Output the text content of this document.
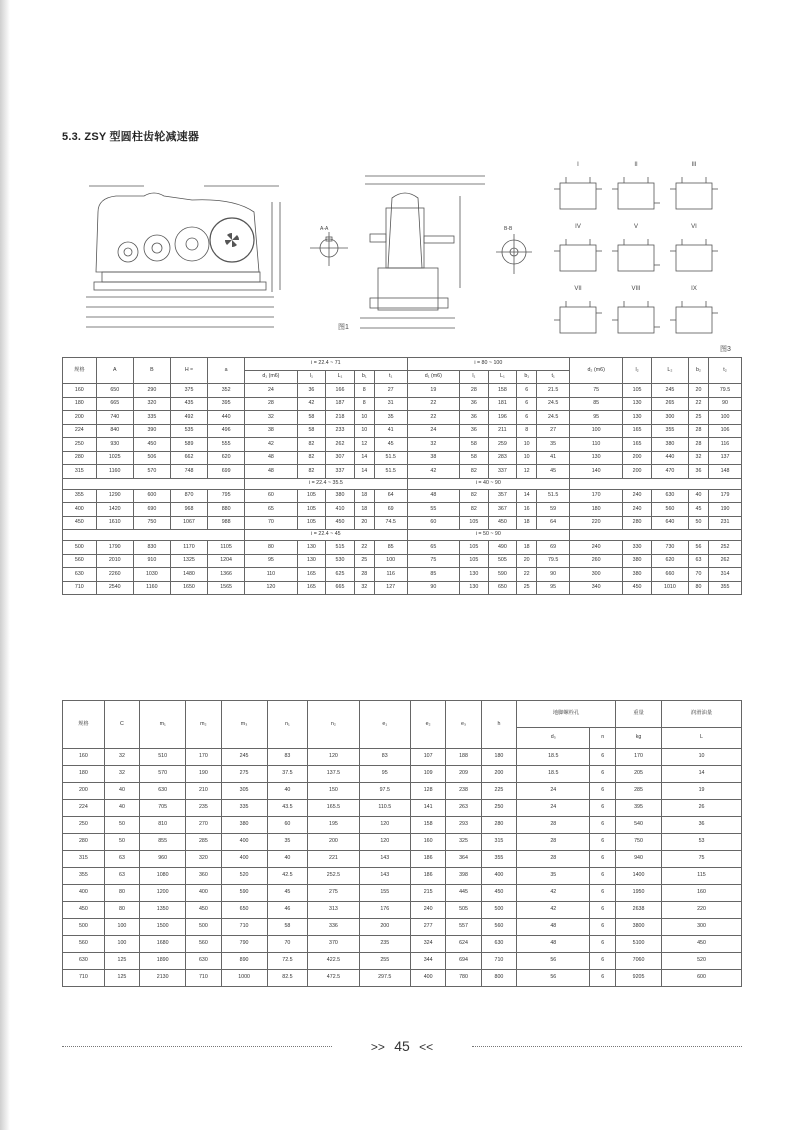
5.3. ZSY 型圆柱齿轮减速器
A-A
图1
B-B
I	II	III
IV	V	VI
VII	VIII	IX
图3
规格	A	B	H ≈	a	i = 22.4 ~ 71					i = 80 ~ 100					d₂ (m6)	l₂	L₂	b₂	t₂
					d₁ (m6)	l₁	L₁	b₁	t₁	d₁ (m6)	l₁	L₁	b₁	t₁					
160	650	290	375	352	24	36	166	8	27	19	28	158	6	21.5	75	105	245	20	79.5
180	665	320	435	395	28	42	187	8	31	22	36	181	6	24.5	85	130	265	22	90
200	740	335	492	440	32	58	218	10	35	22	36	196	6	24.5	95	130	300	25	100
224	840	390	535	496	38	58	233	10	41	24	36	211	8	27	100	165	355	28	106
250	930	450	589	555	42	82	262	12	45	32	58	259	10	35	110	165	380	28	116
280	1025	506	662	620	48	82	307	14	51.5	38	58	283	10	41	130	200	440	32	137
315	1160	570	748	699	48	82	337	14	51.5	42	82	337	12	45	140	200	470	36	148
					i = 22.4 ~ 35.5					i = 40 ~ 90									
355	1290	600	870	795	60	105	380	18	64	48	82	357	14	51.5	170	240	630	40	179
400	1420	690	968	880	65	105	410	18	69	55	82	367	16	59	180	240	560	45	190
450	1610	750	1067	988	70	105	450	20	74.5	60	105	450	18	64	220	280	640	50	231
					i = 22.4 ~ 45					i = 50 ~ 90									
500	1790	830	1170	1105	80	130	515	22	85	65	105	490	18	69	240	330	730	56	252
560	2010	910	1325	1204	95	130	530	25	100	75	105	505	20	79.5	260	380	620	63	262
630	2260	1030	1480	1366	110	165	625	28	116	85	130	590	22	90	300	380	660	70	314
710	2540	1160	1650	1565	120	165	665	32	127	90	130	650	25	95	340	450	1010	80	355
规格	C	m₁	m₂	m₃	n₁	n₂	e₁	e₂	e₃	h	地脚螺栓孔		重量	润滑油量
											d₃	n	kg	L
160	32	510	170	245	83	120	83	107	188	180	18.5	6	170	10
180	32	570	190	275	37.5	137.5	95	109	209	200	18.5	6	205	14
200	40	630	210	305	40	150	97.5	128	238	225	24	6	285	19
224	40	705	235	335	43.5	165.5	110.5	141	263	250	24	6	395	26
250	50	810	270	380	60	195	120	158	293	280	28	6	540	36
280	50	855	285	400	35	200	120	160	325	315	28	6	750	53
315	63	960	320	400	40	221	143	186	364	355	28	6	940	75
355	63	1080	360	520	42.5	252.5	143	186	398	400	35	6	1400	115
400	80	1200	400	590	45	275	155	215	445	450	42	6	1950	160
450	80	1350	450	650	46	313	176	240	505	500	42	6	2638	220
500	100	1500	500	710	58	336	200	277	557	560	48	6	3800	300
560	100	1680	560	790	70	370	235	324	624	630	48	6	5100	450
630	125	1890	630	890	72.5	422.5	255	344	694	710	56	6	7060	520
710	125	2130	710	1000	82.5	472.5	297.5	400	780	800	56	6	9205	600
>> 45 <<
